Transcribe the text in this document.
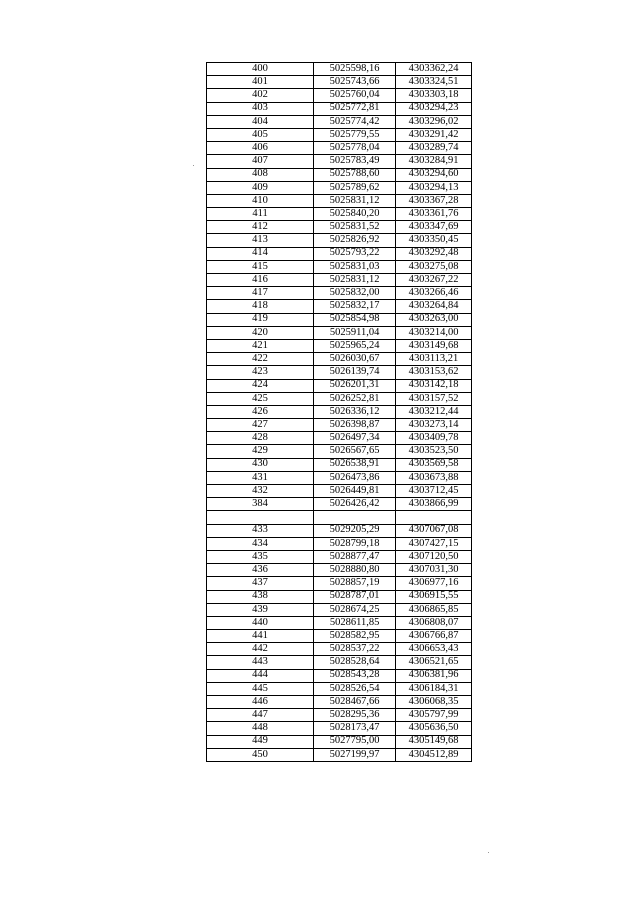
400	5025598,16	4303362,24
401	5025743,66	4303324,51
402	5025760,04	4303303,18
403	5025772,81	4303294,23
404	5025774,42	4303296,02
405	5025779,55	4303291,42
406	5025778,04	4303289,74
407	5025783,49	4303284,91
408	5025788,60	4303294,60
409	5025789,62	4303294,13
410	5025831,12	4303367,28
411	5025840,20	4303361,76
412	5025831,52	4303347,69
413	5025826,92	4303350,45
414	5025793,22	4303292,48
415	5025831,03	4303275,08
416	5025831,12	4303267,22
417	5025832,00	4303266,46
418	5025832,17	4303264,84
419	5025854,98	4303263,00
420	5025911,04	4303214,00
421	5025965,24	4303149,68
422	5026030,67	4303113,21
423	5026139,74	4303153,62
424	5026201,31	4303142,18
425	5026252,81	4303157,52
426	5026336,12	4303212,44
427	5026398,87	4303273,14
428	5026497,34	4303409,78
429	5026567,65	4303523,50
430	5026538,91	4303569,58
431	5026473,86	4303673,88
432	5026449,81	4303712,45
384	5026426,42	4303866,99

433	5029205,29	4307067,08
434	5028799,18	4307427,15
435	5028877,47	4307120,50
436	5028880,80	4307031,30
437	5028857,19	4306977,16
438	5028787,01	4306915,55
439	5028674,25	4306865,85
440	5028611,85	4306808,07
441	5028582,95	4306766,87
442	5028537,22	4306653,43
443	5028528,64	4306521,65
444	5028543,28	4306381,96
445	5028526,54	4306184,31
446	5028467,66	4306068,35
447	5028295,36	4305797,99
448	5028173,47	4305636,50
449	5027795,00	4305149,68
450	5027199,97	4304512,89
